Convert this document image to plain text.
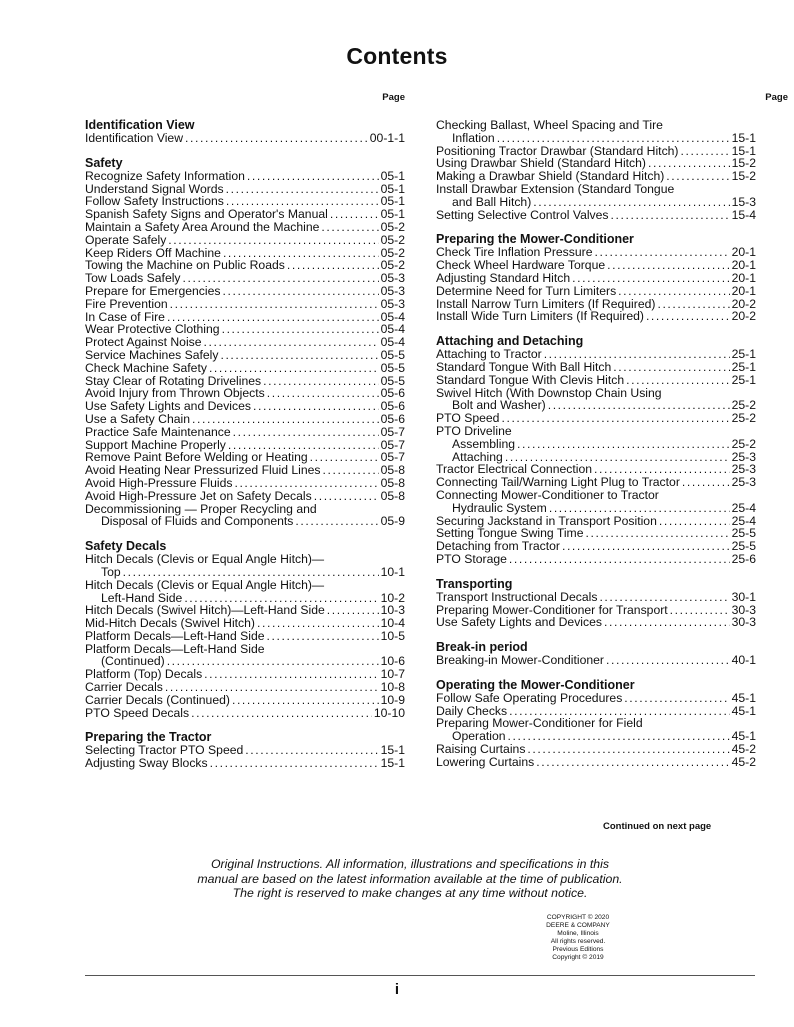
Contents
Page
Identification View
Identification View .....	00-1-1
Safety
Recognize Safety Information .....	05-1
Understand Signal Words .....	05-1
Follow Safety Instructions .....	05-1
Spanish Safety Signs and Operator's Manual .....	05-1
Maintain a Safety Area Around the Machine .....	05-2
Operate Safely .....	05-2
Keep Riders Off Machine .....	05-2
Towing the Machine on Public Roads .....	05-2
Tow Loads Safely .....	05-3
Prepare for Emergencies .....	05-3
Fire Prevention .....	05-3
In Case of Fire .....	05-4
Wear Protective Clothing .....	05-4
Protect Against Noise .....	05-4
Service Machines Safely .....	05-5
Check Machine Safety .....	05-5
Stay Clear of Rotating Drivelines .....	05-5
Avoid Injury from Thrown Objects .....	05-6
Use Safety Lights and Devices .....	05-6
Use a Safety Chain .....	05-6
Practice Safe Maintenance .....	05-7
Support Machine Properly .....	05-7
Remove Paint Before Welding or Heating .....	05-7
Avoid Heating Near Pressurized Fluid Lines .....	05-8
Avoid High-Pressure Fluids .....	05-8
Avoid High-Pressure Jet on Safety Decals .....	05-8
Decommissioning — Proper Recycling and
Disposal of Fluids and Components .....	05-9
Safety Decals
Hitch Decals (Clevis or Equal Angle Hitch)—
Top .....	10-1
Hitch Decals (Clevis or Equal Angle Hitch)—
Left-Hand Side .....	10-2
Hitch Decals (Swivel Hitch)—Left-Hand Side .....	10-3
Mid-Hitch Decals (Swivel Hitch) .....	10-4
Platform Decals—Left-Hand Side .....	10-5
Platform Decals—Left-Hand Side
(Continued) .....	10-6
Platform (Top) Decals .....	10-7
Carrier Decals .....	10-8
Carrier Decals (Continued) .....	10-9
PTO Speed Decals .....	10-10
Preparing the Tractor
Selecting Tractor PTO Speed .....	15-1
Adjusting Sway Blocks .....	15-1
Page
Checking Ballast, Wheel Spacing and Tire
Inflation .....	15-1
Positioning Tractor Drawbar (Standard Hitch) .....	15-1
Using Drawbar Shield (Standard Hitch) .....	15-2
Making a Drawbar Shield (Standard Hitch) .....	15-2
Install Drawbar Extension (Standard Tongue
and Ball Hitch) .....	15-3
Setting Selective Control Valves .....	15-4
Preparing the Mower-Conditioner
Check Tire Inflation Pressure .....	20-1
Check Wheel Hardware Torque .....	20-1
Adjusting Standard Hitch .....	20-1
Determine Need for Turn Limiters .....	20-1
Install Narrow Turn Limiters (If Required) .....	20-2
Install Wide Turn Limiters (If Required) .....	20-2
Attaching and Detaching
Attaching to Tractor .....	25-1
Standard Tongue With Ball Hitch .....	25-1
Standard Tongue With Clevis Hitch .....	25-1
Swivel Hitch (With Downstop Chain Using
Bolt and Washer) .....	25-2
PTO Speed .....	25-2
PTO Driveline
Assembling .....	25-2
Attaching .....	25-3
Tractor Electrical Connection .....	25-3
Connecting Tail/Warning Light Plug to Tractor .....	25-3
Connecting Mower-Conditioner to Tractor
Hydraulic System .....	25-4
Securing Jackstand in Transport Position .....	25-4
Setting Tongue Swing Time .....	25-5
Detaching from Tractor .....	25-5
PTO Storage .....	25-6
Transporting
Transport Instructional Decals .....	30-1
Preparing Mower-Conditioner for Transport .....	30-3
Use Safety Lights and Devices .....	30-3
Break-in period
Breaking-in Mower-Conditioner .....	40-1
Operating the Mower-Conditioner
Follow Safe Operating Procedures .....	45-1
Daily Checks .....	45-1
Preparing Mower-Conditioner for Field
Operation .....	45-1
Raising Curtains .....	45-2
Lowering Curtains .....	45-2
Continued on next page
Original Instructions. All information, illustrations and specifications in this
manual are based on the latest information available at the time of publication.
The right is reserved to make changes at any time without notice.
COPYRIGHT © 2020
DEERE & COMPANY
Moline, Illinois
All rights reserved.
Previous Editions
Copyright © 2019
i
